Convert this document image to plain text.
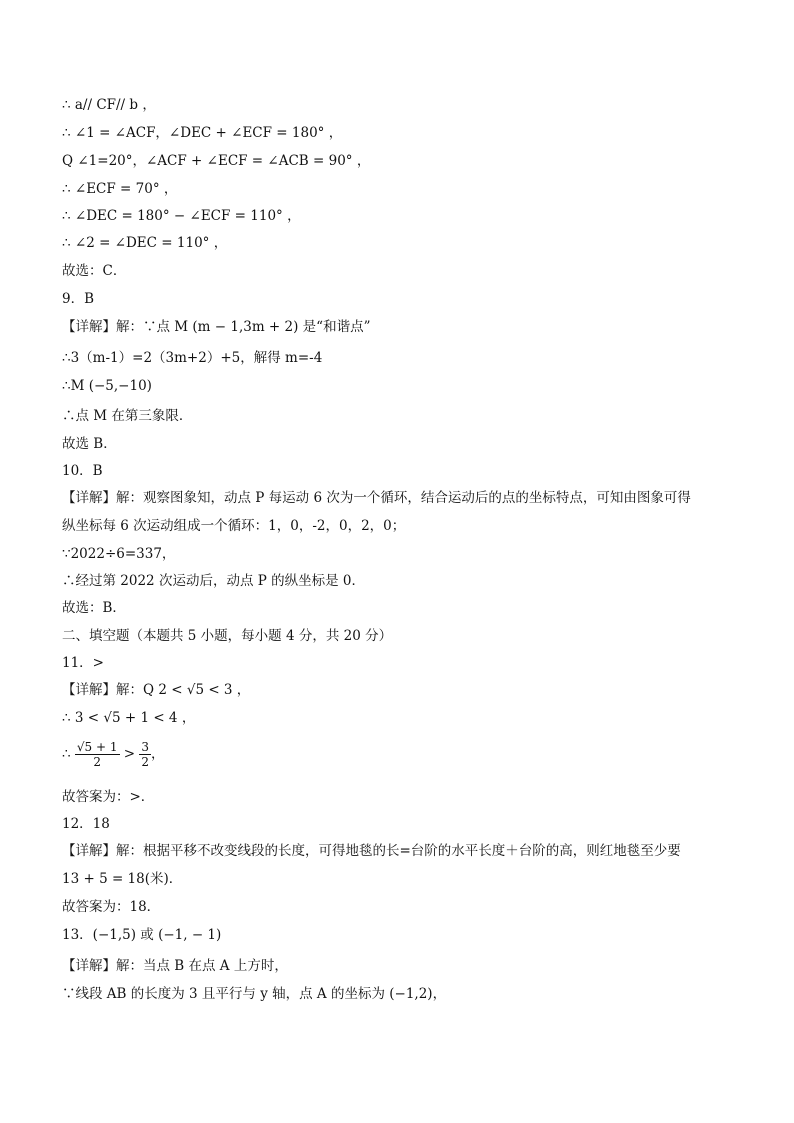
∴ a// CF// b ，
∴ ∠1 = ∠ACF，∠DEC + ∠ECF = 180° ，
Q ∠1=20°，∠ACF + ∠ECF = ∠ACB = 90° ，
∴ ∠ECF = 70° ，
∴ ∠DEC = 180° − ∠ECF = 110° ，
∴ ∠2 = ∠DEC = 110° ，
故选：C．
9．B
【详解】解：∵点 M (m − 1,3m + 2) 是“和谐点”
∴3（m-1）=2（3m+2）+5，解得 m=-4
∴M (−5,−10)
∴点 M 在第三象限．
故选 B．
10．B
【详解】解：观察图象知，动点 P 每运动 6 次为一个循环，结合运动后的点的坐标特点，可知由图象可得
纵坐标每 6 次运动组成一个循环：1，0，-2，0，2，0；
∵2022÷6=337，
∴经过第 2022 次运动后，动点 P 的纵坐标是 0．
故选：B．
二、填空题（本题共 5 小题，每小题 4 分，共 20 分）
11．>
【详解】解：Q 2 < √5 < 3 ，
∴ 3 < √5 + 1 < 4 ，
故答案为：>．
12．18
【详解】解：根据平移不改变线段的长度，可得地毯的长=台阶的水平长度＋台阶的高，则红地毯至少要
13 + 5 = 18(米)．
故答案为：18．
13．(−1,5) 或 (−1, − 1)
【详解】解：当点 B 在点 A 上方时，
∵线段 AB 的长度为 3 且平行与 y 轴，点 A 的坐标为 (−1,2)，
∴ $\frac{√5 + 1}{2} > \frac{3}{2}$ ，
